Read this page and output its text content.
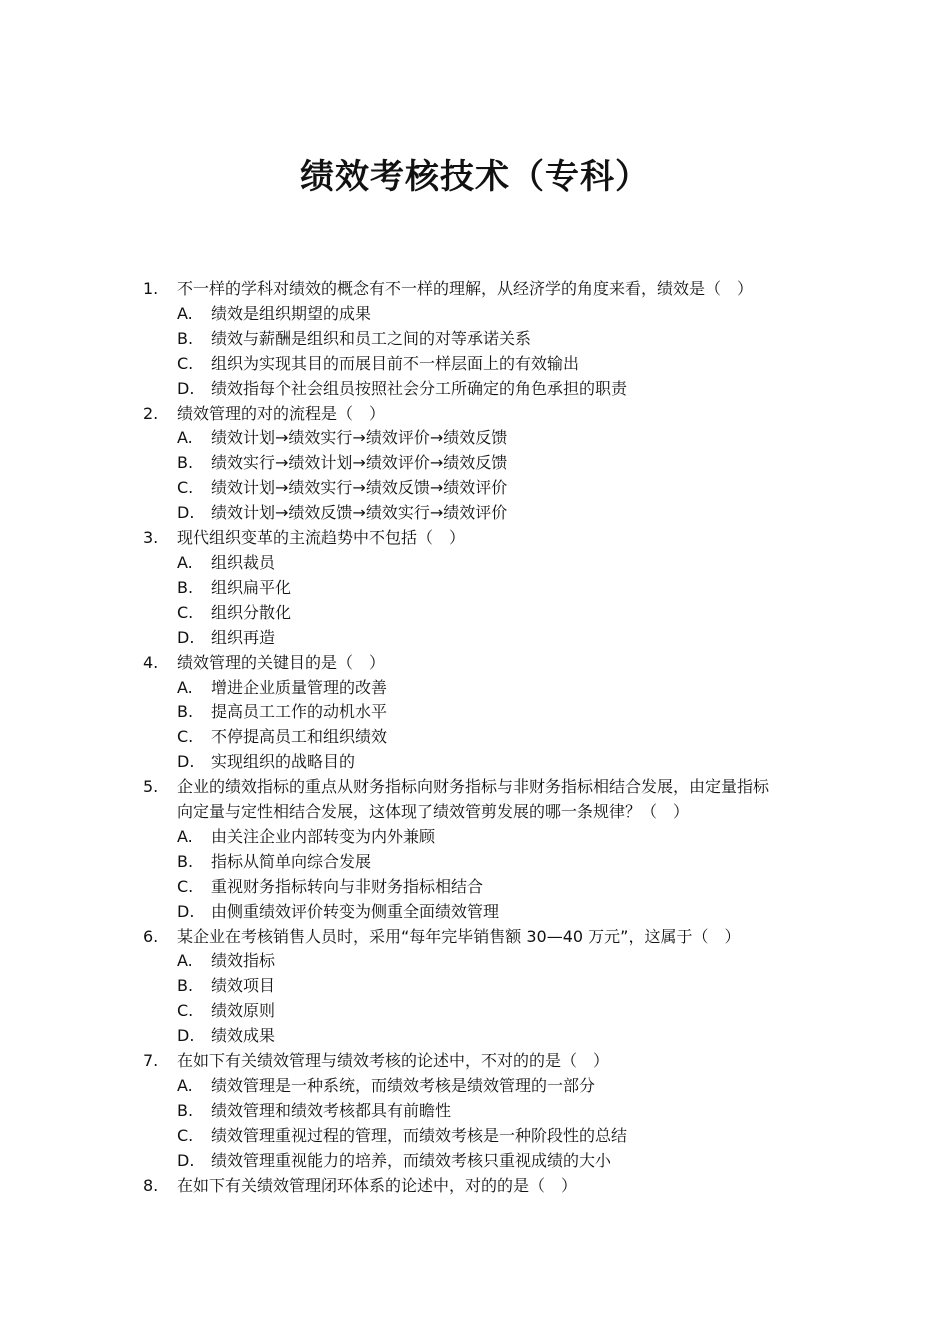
绩效考核技术（专科）
1. 不一样的学科对绩效的概念有不一样的理解，从经济学的角度来看，绩效是（　）
A. 绩效是组织期望的成果
B. 绩效与薪酬是组织和员工之间的对等承诺关系
C. 组织为实现其目的而展目前不一样层面上的有效输出
D. 绩效指每个社会组员按照社会分工所确定的角色承担的职责
2. 绩效管理的对的流程是（　）
A. 绩效计划→绩效实行→绩效评价→绩效反馈
B. 绩效实行→绩效计划→绩效评价→绩效反馈
C. 绩效计划→绩效实行→绩效反馈→绩效评价
D. 绩效计划→绩效反馈→绩效实行→绩效评价
3. 现代组织变革的主流趋势中不包括（　）
A. 组织裁员
B. 组织扁平化
C. 组织分散化
D. 组织再造
4. 绩效管理的关键目的是（　）
A. 增进企业质量管理的改善
B. 提高员工工作的动机水平
C. 不停提高员工和组织绩效
D. 实现组织的战略目的
5. 企业的绩效指标的重点从财务指标向财务指标与非财务指标相结合发展，由定量指标
向定量与定性相结合发展，这体现了绩效管剪发展的哪一条规律？（　）
A. 由关注企业内部转变为内外兼顾
B. 指标从简单向综合发展
C. 重视财务指标转向与非财务指标相结合
D. 由侧重绩效评价转变为侧重全面绩效管理
6. 某企业在考核销售人员时，采用“每年完毕销售额 30—40 万元”，这属于（　）
A. 绩效指标
B. 绩效项目
C. 绩效原则
D. 绩效成果
7. 在如下有关绩效管理与绩效考核的论述中，不对的的是（　）
A. 绩效管理是一种系统，而绩效考核是绩效管理的一部分
B. 绩效管理和绩效考核都具有前瞻性
C. 绩效管理重视过程的管理，而绩效考核是一种阶段性的总结
D. 绩效管理重视能力的培养，而绩效考核只重视成绩的大小
8. 在如下有关绩效管理闭环体系的论述中，对的的是（　）
